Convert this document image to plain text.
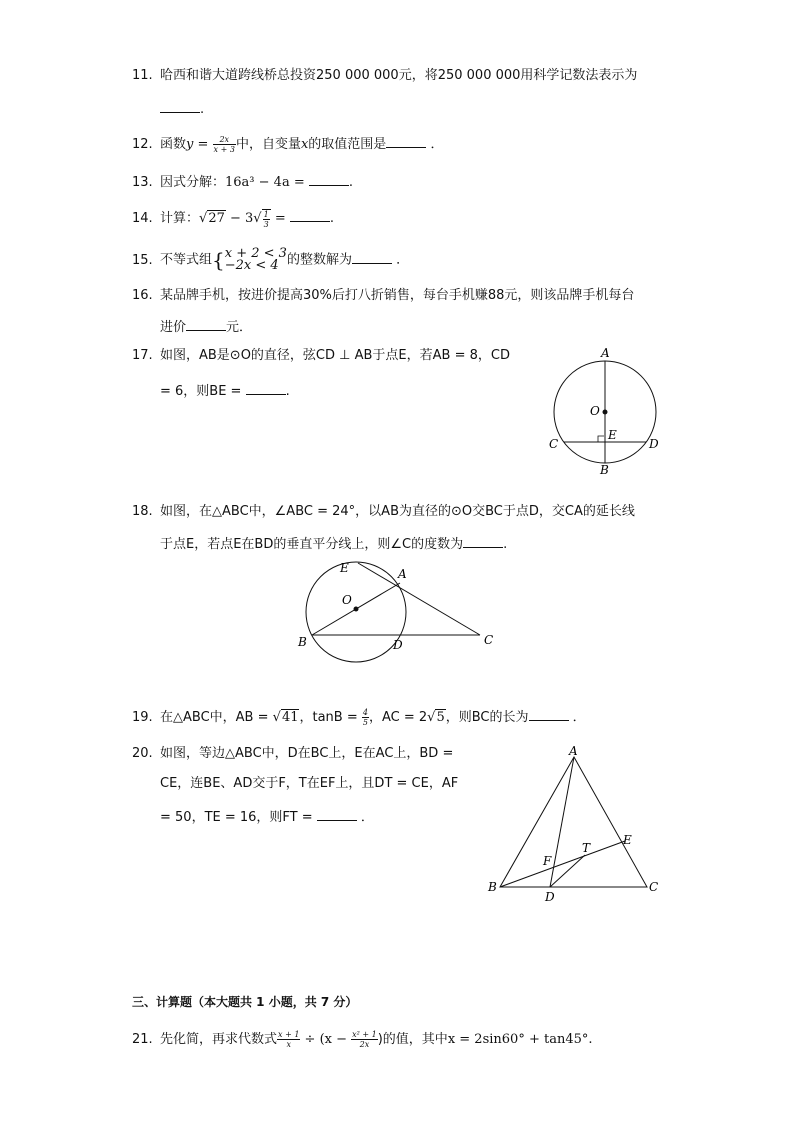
11. 哈西和谐大道跨线桥总投资250 000 000元，将250 000 000用科学记数法表示为
.
12. 函数$y = \frac{2x}{x + 3}$ 中，自变量x的取值范围是	．
13. 因式分解：16a³ − 4a =	.
14. 计算：$√27 - 3√ \frac{1}{3}$ =	.
15. 不等式组{ x + 2 < 3
−2x < 4 的整数解为	．
16. 某品牌手机，按进价提高30%后打八折销售，每台手机赚88元，则该品牌手机每台
进价	元．
17. 如图，AB是⊙O的直径，弦CD ⊥ AB于点E，若AB = 8，CD
= 6，则BE =	.
A
O
E
C	D
B
18. 如图，在△ABC中，∠ABC = 24°，以AB为直径的⊙O交BC于点D，交CA的延长线
于点E，若点E在BD的垂直平分线上，则∠C的度数为	.
E	A
O
B	D	C
19. 在△ABC中，AB = √41，$\tan B = \frac{4}{5}$ ，AC = 2√5，则BC的长为	．
20. 如图，等边△ABC中，D在BC上，E在AC上，BD =
CE，连BE、AD交于F，T在EF上，且DT = CE，AF
= 50，TE = 16，则FT =	．
A
E
T
F
B
D
C
三、计算题（本大题共 1 小题，共 7 分）
21. 先化简，再求代数式 $\frac{x + 1}{x} \div (x - \frac{\text{x² + 1}}{2x}$ )的值，其中x = 2sin60° + tan45°.
